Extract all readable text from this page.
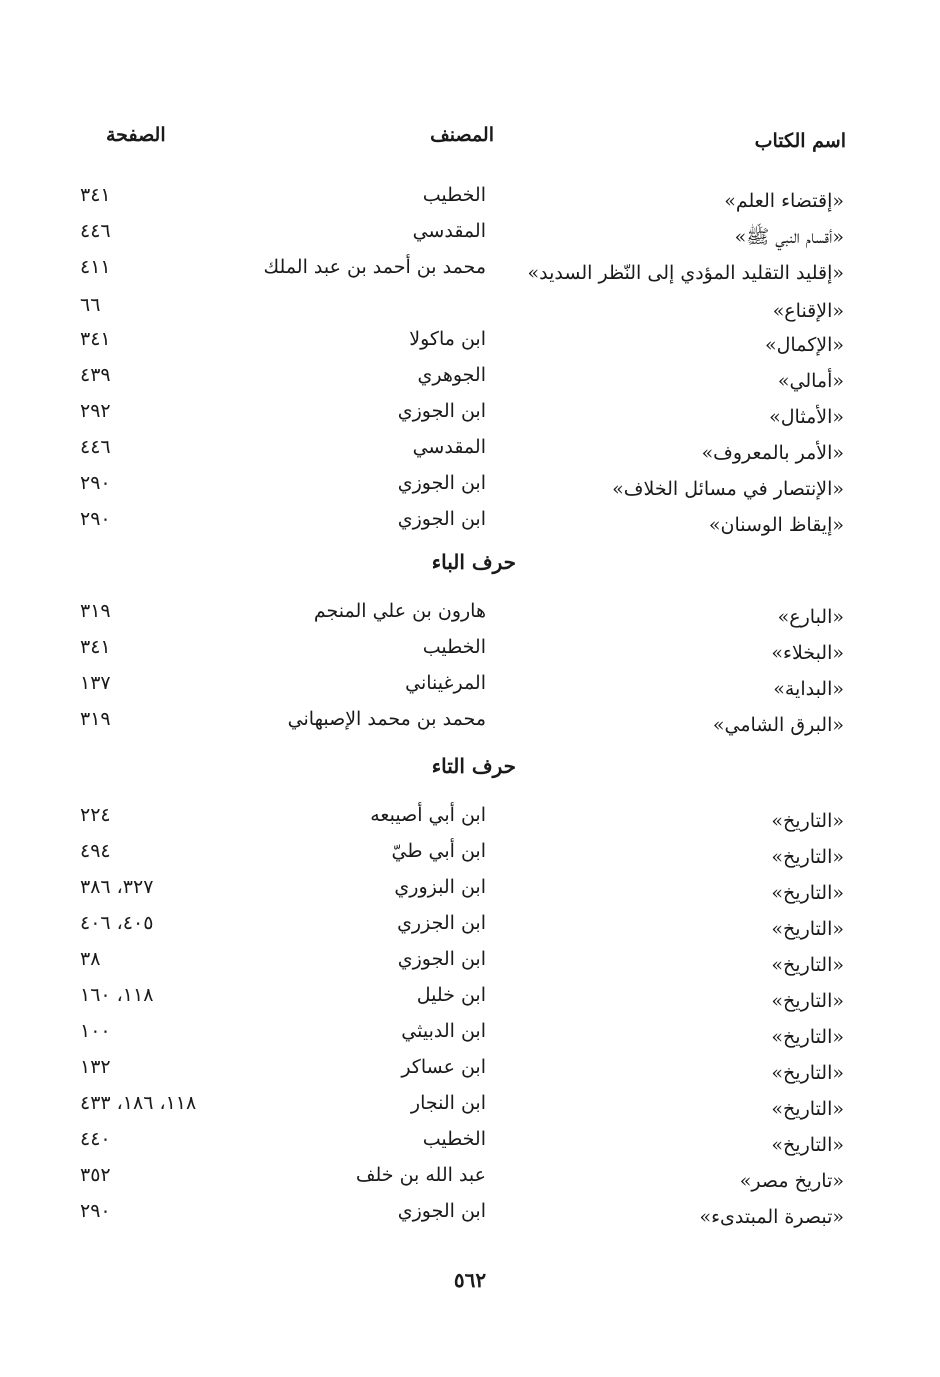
اسم الكتاب
المصنف
الصفحة
«إقتضاء العلم»
الخطيب
٣٤١
«أقسام النبي ﷺ»
المقدسي
٤٤٦
«إقليد التقليد المؤدي إلى النّظر السديد»
محمد بن أحمد بن عبد الملك
٤١١
«الإقناع»
٦٦
«الإكمال»
ابن ماكولا
٣٤١
«أمالي»
الجوهري
٤٣٩
«الأمثال»
ابن الجوزي
٢٩٢
«الأمر بالمعروف»
المقدسي
٤٤٦
«الإنتصار في مسائل الخلاف»
ابن الجوزي
٢٩٠
«إيقاظ الوسنان»
ابن الجوزي
٢٩٠
حرف الباء
«البارع»
هارون بن علي المنجم
٣١٩
«البخلاء»
الخطيب
٣٤١
«البداية»
المرغيناني
١٣٧
«البرق الشامي»
محمد بن محمد الإصبهاني
٣١٩
حرف التاء
«التاريخ»
ابن أبي أصيبعه
٢٢٤
«التاريخ»
ابن أبي طيّ
٤٩٤
«التاريخ»
ابن البزوري
٣٢٧، ٣٨٦
«التاريخ»
ابن الجزري
٤٠٥، ٤٠٦
«التاريخ»
ابن الجوزي
٣٨
«التاريخ»
ابن خليل
١١٨، ١٦٠
«التاريخ»
ابن الدبيثي
١٠٠
«التاريخ»
ابن عساكر
١٣٢
«التاريخ»
ابن النجار
١١٨، ١٨٦، ٤٣٣
«التاريخ»
الخطيب
٤٤٠
«تاريخ مصر»
عبد الله بن خلف
٣٥٢
«تبصرة المبتدىء»
ابن الجوزي
٢٩٠
٥٦٢
